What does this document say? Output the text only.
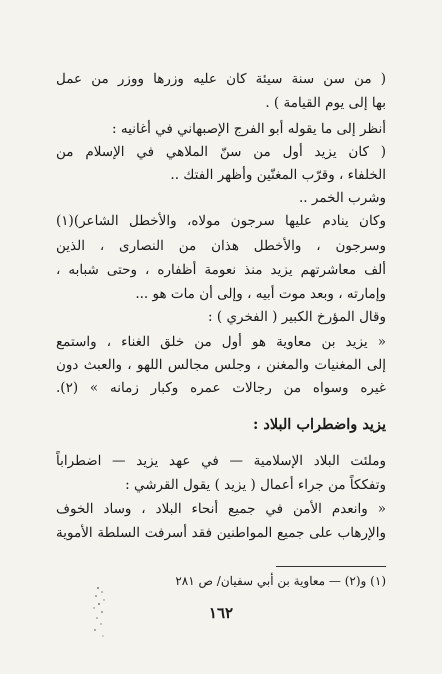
( من سن سنة سيئة كان عليه وزرها ووزر من عمل
بها إلى يوم القيامة ) .
أنظر إلى ما يقوله أبو الفرج الإصبهاني في أغانيه :
( كان يزيد أول من سنّ الملاهي في الإسلام من
الخلفاء ، وقرّب المغنّين وأظهر الفتك ..
وشرب الخمر ..
وكان ينادم عليها سرجون مولاه، والأخطل الشاعر)(١)
وسرجون ، والأخطل هذان من النصارى ، الذين
ألف معاشرتهم يزيد منذ نعومة أظفاره ، وحتى شبابه ،
وإمارته ، وبعد موت أبيه ، وإلى أن مات هو ...
وقال المؤرخ الكبير ( الفخري ) :
« يزيد بن معاوية هو أول من خلق الغناء ، واستمع
إلى المغنيات والمغنن ، وجلس مجالس اللهو ، والعبث دون
غيره وسواه من رجالات عمره وكبار زمانه » (٢).
يزيد واضطراب البلاد :
وملئت البلاد الإسلامية — في عهد يزيد — اضطراباً
وتفككاً من جراء أعمال ( يزيد ) يقول القرشي :
« وانعدم الأمن في جميع أنحاء البلاد ، وساد الخوف
والإرهاب على جميع المواطنين فقد أسرفت السلطة الأموية
(١) و(٢) — معاوية بن أبي سفيان/ ص ٢٨١
١٦٢
